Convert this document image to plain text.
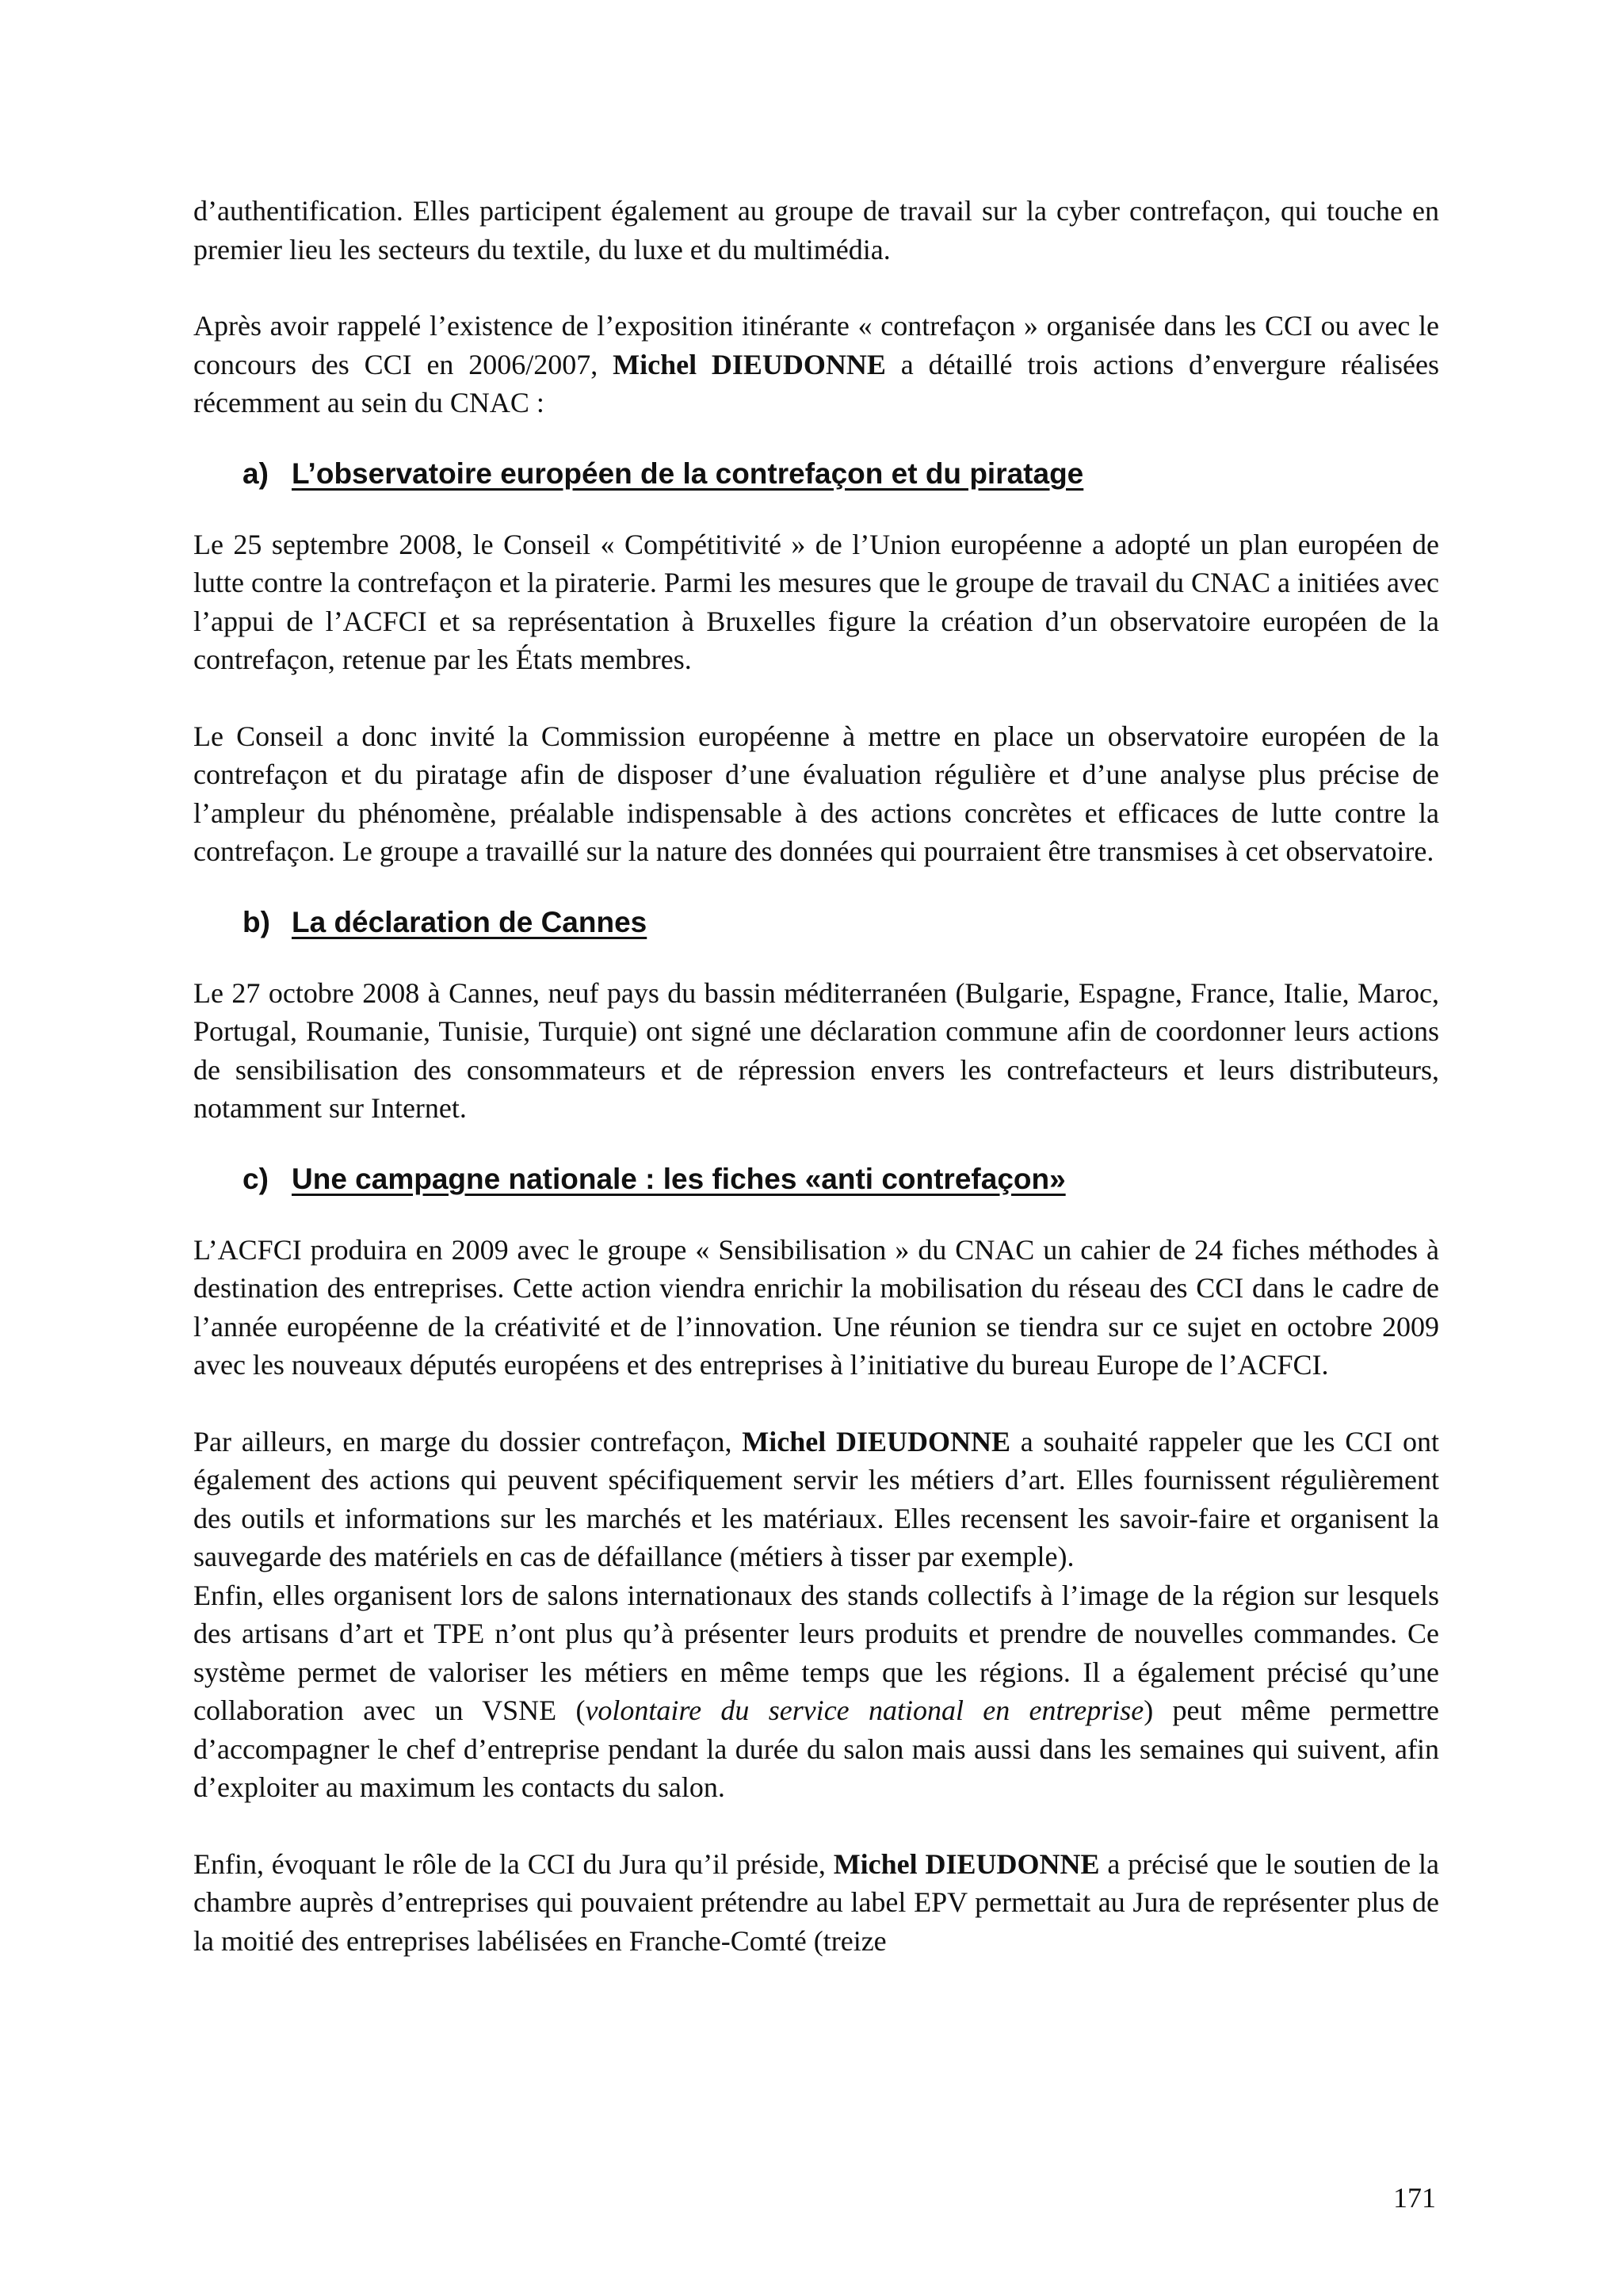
d’authentification. Elles participent également au groupe de travail sur la cyber contrefaçon, qui touche en premier lieu les secteurs du textile, du luxe et du multimédia.

Après avoir rappelé l’existence de l’exposition itinérante « contrefaçon » organisée dans les CCI ou avec le concours des CCI en 2006/2007, Michel DIEUDONNE a détaillé trois actions d’envergure réalisées récemment au sein du CNAC :

a) L’observatoire européen de la contrefaçon et du piratage

Le 25 septembre 2008, le Conseil « Compétitivité » de l’Union européenne a adopté un plan européen de lutte contre la contrefaçon et la piraterie. Parmi les mesures que le groupe de travail du CNAC a initiées avec l’appui de l’ACFCI et sa représentation à Bruxelles figure la création d’un observatoire européen de la contrefaçon, retenue par les États membres.

Le Conseil a donc invité la Commission européenne à mettre en place un observatoire européen de la contrefaçon et du piratage afin de disposer d’une évaluation régulière et d’une analyse plus précise de l’ampleur du phénomène, préalable indispensable à des actions concrètes et efficaces de lutte contre la contrefaçon. Le groupe a travaillé sur la nature des données qui pourraient être transmises à cet observatoire.

b) La déclaration de Cannes

Le 27 octobre 2008 à Cannes, neuf pays du bassin méditerranéen (Bulgarie, Espagne, France, Italie, Maroc, Portugal, Roumanie, Tunisie, Turquie) ont signé une déclaration commune afin de coordonner leurs actions de sensibilisation des consommateurs et de répression envers les contrefacteurs et leurs distributeurs, notamment sur Internet.

c) Une campagne nationale : les fiches «anti contrefaçon»

L’ACFCI produira en 2009 avec le groupe « Sensibilisation » du CNAC un cahier de 24 fiches méthodes à destination des entreprises. Cette action viendra enrichir la mobilisation du réseau des CCI dans le cadre de l’année européenne de la créativité et de l’innovation. Une réunion se tiendra sur ce sujet en octobre 2009 avec les nouveaux députés européens et des entreprises à l’initiative du bureau Europe de l’ACFCI.

Par ailleurs, en marge du dossier contrefaçon, Michel DIEUDONNE a souhaité rappeler que les CCI ont également des actions qui peuvent spécifiquement servir les métiers d’art. Elles fournissent régulièrement des outils et informations sur les marchés et les matériaux. Elles recensent les savoir-faire et organisent la sauvegarde des matériels en cas de défaillance (métiers à tisser par exemple).

Enfin, elles organisent lors de salons internationaux des stands collectifs à l’image de la région sur lesquels des artisans d’art et TPE n’ont plus qu’à présenter leurs produits et prendre de nouvelles commandes. Ce système permet de valoriser les métiers en même temps que les régions. Il a également précisé qu’une collaboration avec un VSNE (volontaire du service national en entreprise) peut même permettre d’accompagner le chef d’entreprise pendant la durée du salon mais aussi dans les semaines qui suivent, afin d’exploiter au maximum les contacts du salon.

Enfin, évoquant le rôle de la CCI du Jura qu’il préside, Michel DIEUDONNE a précisé que le soutien de la chambre auprès d’entreprises qui pouvaient prétendre au label EPV permettait au Jura de représenter plus de la moitié des entreprises labélisées en Franche-Comté (treize

171
